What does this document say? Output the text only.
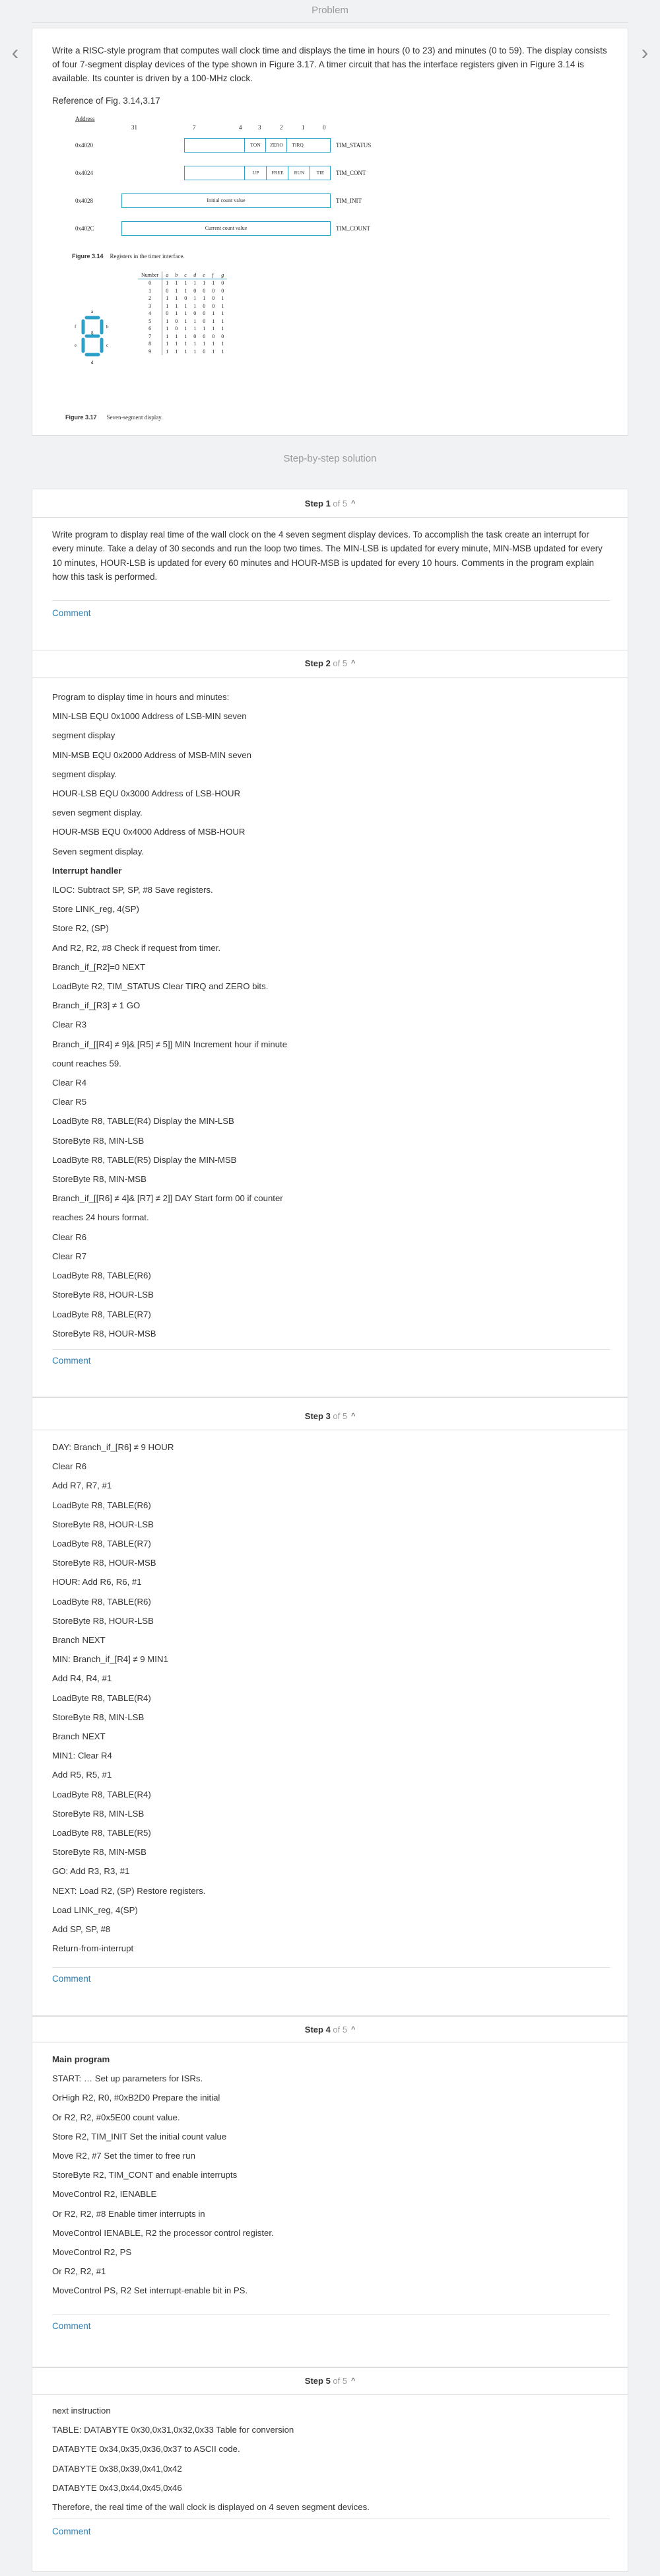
Problem
‹	›
Write a RISC-style program that computes wall clock time and displays the time in hours (0 to 23) and minutes (0 to 59). The display consists of four 7-segment display devices of the type shown in Figure 3.17. A timer circuit that has the interface registers given in Figure 3.14 is available. Its counter is driven by a 100-MHz clock.
Reference of Fig. 3.14,3.17
Address
31	7	4	3	2	1	0
0x4020	TON	ZERO	TIRQ	TIM_STATUS
0x4024	UP	FREE	RUN	TIE	TIM_CONT
0x4028	Initial count value	TIM_INIT
0x402C	Current count value	TIM_COUNT
Figure 3.14 Registers in the timer interface.
a
b
c
d
e
f
g
Number	a	b	c	d	e	f	g
0	1	1	1	1	1	1	0
1	0	1	1	0	0	0	0
2	1	1	0	1	1	0	1
3	1	1	1	1	0	0	1
4	0	1	1	0	0	1	1
5	1	0	1	1	0	1	1
6	1	0	1	1	1	1	1
7	1	1	1	0	0	0	0
8	1	1	1	1	1	1	1
9	1	1	1	1	0	1	1
Figure 3.17 Seven-segment display.
Step-by-step solution
Step 1 of 5 ^
Write program to display real time of the wall clock on the 4 seven segment display devices. To accomplish the task create an interrupt for every minute. Take a delay of 30 seconds and run the loop two times. The MIN-LSB is updated for every minute, MIN-MSB updated for every 10 minutes, HOUR-LSB is updated for every 60 minutes and HOUR-MSB is updated for every 10 hours. Comments in the program explain how this task is performed.
Comment
Step 2 of 5 ^
Program to display time in hours and minutes:
MIN-LSB EQU 0x1000 Address of LSB-MIN seven
segment display
MIN-MSB EQU 0x2000 Address of MSB-MIN seven
segment display.
HOUR-LSB EQU 0x3000 Address of LSB-HOUR
seven segment display.
HOUR-MSB EQU 0x4000 Address of MSB-HOUR
Seven segment display.
Interrupt handler
ILOC: Subtract SP, SP, #8 Save registers.
Store LINK_reg, 4(SP)
Store R2, (SP)
And R2, R2, #8 Check if request from timer.
Branch_if_[R2]=0 NEXT
LoadByte R2, TIM_STATUS Clear TIRQ and ZERO bits.
Branch_if_[R3] ≠ 1 GO
Clear R3
Branch_if_[[R4] ≠ 9]& [R5] ≠ 5]] MIN Increment hour if minute
count reaches 59.
Clear R4
Clear R5
LoadByte R8, TABLE(R4) Display the MIN-LSB
StoreByte R8, MIN-LSB
LoadByte R8, TABLE(R5) Display the MIN-MSB
StoreByte R8, MIN-MSB
Branch_if_[[R6] ≠ 4]& [R7] ≠ 2]] DAY Start form 00 if counter
reaches 24 hours format.
Clear R6
Clear R7
LoadByte R8, TABLE(R6)
StoreByte R8, HOUR-LSB
LoadByte R8, TABLE(R7)
StoreByte R8, HOUR-MSB
Comment
Step 3 of 5 ^
DAY: Branch_if_[R6] ≠ 9 HOUR
Clear R6
Add R7, R7, #1
LoadByte R8, TABLE(R6)
StoreByte R8, HOUR-LSB
LoadByte R8, TABLE(R7)
StoreByte R8, HOUR-MSB
HOUR: Add R6, R6, #1
LoadByte R8, TABLE(R6)
StoreByte R8, HOUR-LSB
Branch NEXT
MIN: Branch_if_[R4] ≠ 9 MIN1
Add R4, R4, #1
LoadByte R8, TABLE(R4)
StoreByte R8, MIN-LSB
Branch NEXT
MIN1: Clear R4
Add R5, R5, #1
LoadByte R8, TABLE(R4)
StoreByte R8, MIN-LSB
LoadByte R8, TABLE(R5)
StoreByte R8, MIN-MSB
GO: Add R3, R3, #1
NEXT: Load R2, (SP) Restore registers.
Load LINK_reg, 4(SP)
Add SP, SP, #8
Return-from-interrupt
Comment
Step 4 of 5 ^
Main program
START: … Set up parameters for ISRs.
OrHigh R2, R0, #0xB2D0 Prepare the initial
Or R2, R2, #0x5E00 count value.
Store R2, TIM_INIT Set the initial count value
Move R2, #7 Set the timer to free run
StoreByte R2, TIM_CONT and enable interrupts
MoveControl R2, IENABLE
Or R2, R2, #8 Enable timer interrupts in
MoveControl IENABLE, R2 the processor control register.
MoveControl R2, PS
Or R2, R2, #1
MoveControl PS, R2 Set interrupt-enable bit in PS.
Comment
Step 5 of 5 ^
next instruction
TABLE: DATABYTE 0x30,0x31,0x32,0x33 Table for conversion
DATABYTE 0x34,0x35,0x36,0x37 to ASCII code.
DATABYTE 0x38,0x39,0x41,0x42
DATABYTE 0x43,0x44,0x45,0x46
Therefore, the real time of the wall clock is displayed on 4 seven segment devices.
Comment
